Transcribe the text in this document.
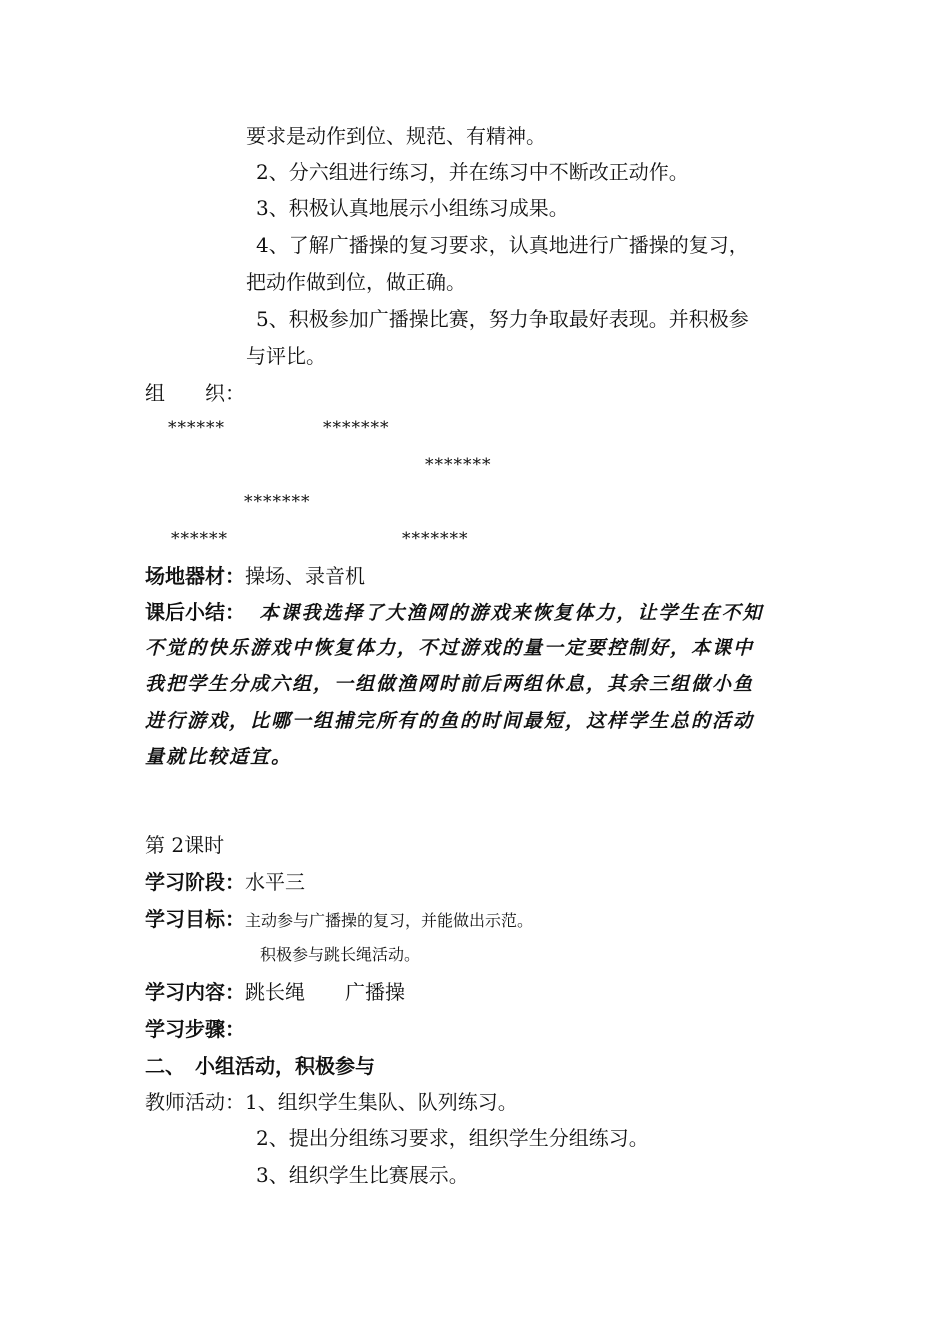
要求是动作到位、规范、有精神。
2、分六组进行练习，并在练习中不断改正动作。
3、积极认真地展示小组练习成果。
4、了解广播操的复习要求，认真地进行广播操的复习，
把动作做到位，做正确。
5、积极参加广播操比赛，努力争取最好表现。并积极参
与评比。
组　　织：
******	*******
*******
*******
******	*******
场地器材：操场、录音机
课后小结： 本课我选择了大渔网的游戏来恢复体力，让学生在不知
不觉的快乐游戏中恢复体力，不过游戏的量一定要控制好，本课中
我把学生分成六组，一组做渔网时前后两组休息，其余三组做小鱼
进行游戏，比哪一组捕完所有的鱼的时间最短，这样学生总的活动
量就比较适宜。
第 2课时
学习阶段：水平三
学习目标：主动参与广播操的复习，并能做出示范。
积极参与跳长绳活动。
学习内容：跳长绳　　广播操
学习步骤：
二、　小组活动，积极参与
教师活动：1、组织学生集队、队列练习。
2、提出分组练习要求，组织学生分组练习。
3、组织学生比赛展示。
